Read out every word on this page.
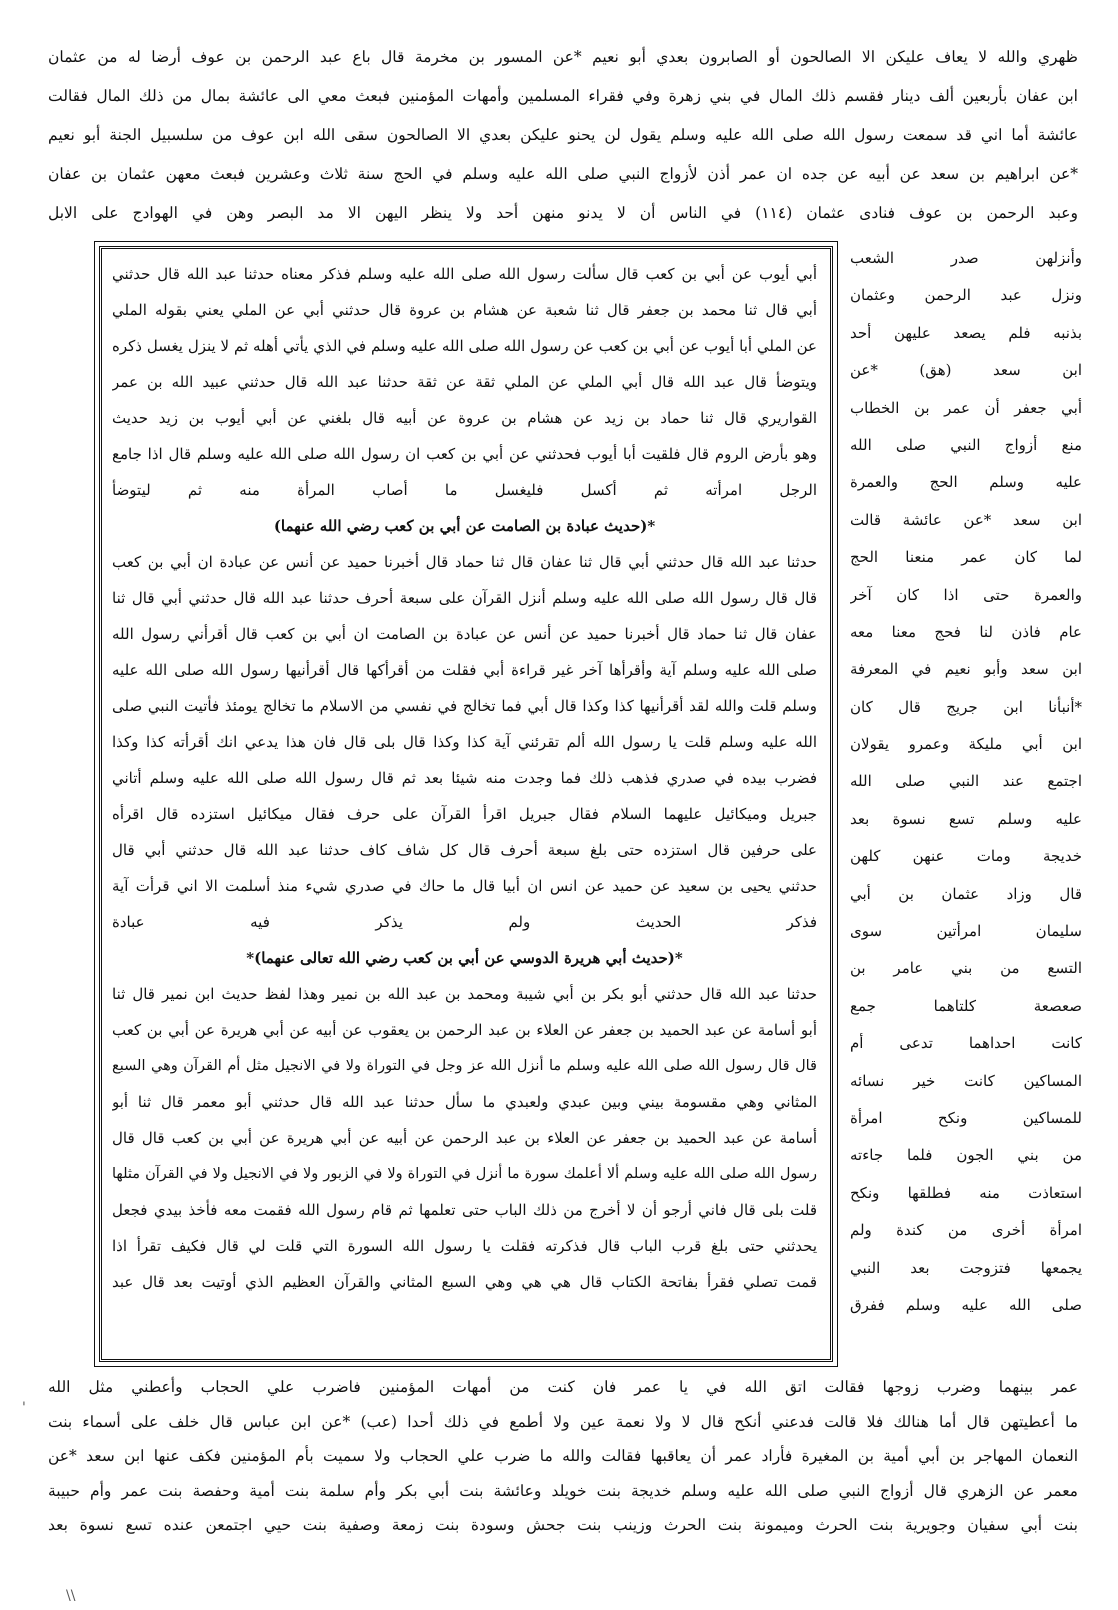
ظهري والله لا يعاف عليكن الا الصالحون أو الصابرون بعدي أبو نعيم *عن المسور بن مخرمة قال باع عبد الرحمن بن عوف أرضا له من عثمان
ابن عفان بأربعين ألف دينار فقسم ذلك المال في بني زهرة وفي فقراء المسلمين وأمهات المؤمنين فبعث معي الى عائشة بمال من ذلك المال فقالت
عائشة أما اني قد سمعت رسول الله صلى الله عليه وسلم يقول لن يحنو عليكن بعدي الا الصالحون سقى الله ابن عوف من سلسبيل الجنة أبو نعيم
*عن ابراهيم بن سعد عن أبيه عن جده ان عمر أذن لأزواج النبي صلى الله عليه وسلم في الحج سنة ثلاث وعشرين فبعث معهن عثمان بن عفان
وعبد الرحمن بن عوف فنادى عثمان (١١٤) في الناس أن لا يدنو منهن أحد ولا ينظر اليهن الا مد البصر وهن في الهوادج على الابل
وأنزلهن صدر الشعب
ونزل عبد الرحمن وعثمان
بذنبه فلم يصعد عليهن أحد
ابن سعد (هق) *عن
أبي جعفر أن عمر بن الخطاب
منع أزواج النبي صلى الله
عليه وسلم الحج والعمرة
ابن سعد *عن عائشة قالت
لما كان عمر منعنا الحج
والعمرة حتى اذا كان آخر
عام فاذن لنا فحج معنا معه
ابن سعد وأبو نعيم في المعرفة
*أنبأنا ابن جريج قال كان
ابن أبي مليكة وعمرو يقولان
اجتمع عند النبي صلى الله
عليه وسلم تسع نسوة بعد
خديجة ومات عنهن كلهن
قال وزاد عثمان بن أبي
سليمان امرأتين سوى
التسع من بني عامر بن
صعصعة كلتاهما جمع
كانت احداهما تدعى أم
المساكين كانت خير نسائه
للمساكين ونكح امرأة
من بني الجون فلما جاءته
استعاذت منه فطلقها ونكح
امرأة أخرى من كندة ولم
يجمعها فتزوجت بعد النبي
صلى الله عليه وسلم ففرق
أبي أيوب عن أبي بن كعب قال سألت رسول الله صلى الله عليه وسلم فذكر معناه حدثنا عبد الله قال حدثني
أبي قال ثنا محمد بن جعفر قال ثنا شعبة عن هشام بن عروة قال حدثني أبي عن الملي يعني بقوله الملي
عن الملي أبا أيوب عن أبي بن كعب عن رسول الله صلى الله عليه وسلم في الذي يأتي أهله ثم لا ينزل يغسل ذكره
ويتوضأ قال عبد الله قال أبي الملي عن الملي ثقة عن ثقة حدثنا عبد الله قال حدثني عبيد الله بن عمر
القواريري قال ثنا حماد بن زيد عن هشام بن عروة عن أبيه قال بلغني عن أبي أيوب بن زيد حديث
وهو بأرض الروم قال فلقيت أبا أيوب فحدثني عن أبي بن كعب ان رسول الله صلى الله عليه وسلم قال اذا جامع
الرجل امرأته ثم أكسل فليغسل ما أصاب المرأة منه ثم ليتوضأ
*(حديث عبادة بن الصامت عن أبي بن كعب رضي الله عنهما)
حدثنا عبد الله قال حدثني أبي قال ثنا عفان قال ثنا حماد قال أخبرنا حميد عن أنس عن عبادة ان أبي بن كعب
قال قال رسول الله صلى الله عليه وسلم أنزل القرآن على سبعة أحرف حدثنا عبد الله قال حدثني أبي قال ثنا
عفان قال ثنا حماد قال أخبرنا حميد عن أنس عن عبادة بن الصامت ان أبي بن كعب قال أقرأني رسول الله
صلى الله عليه وسلم آية وأقرأها آخر غير قراءة أبي فقلت من أقرأكها قال أقرأنيها رسول الله صلى الله عليه
وسلم قلت والله لقد أقرأنيها كذا وكذا قال أبي فما تخالج في نفسي من الاسلام ما تخالج يومئذ فأتيت النبي صلى
الله عليه وسلم قلت يا رسول الله ألم تقرئني آية كذا وكذا قال بلى قال فان هذا يدعي انك أقرأته كذا وكذا
فضرب بيده في صدري فذهب ذلك فما وجدت منه شيئا بعد ثم قال رسول الله صلى الله عليه وسلم أتاني
جبريل وميكائيل عليهما السلام فقال جبريل اقرأ القرآن على حرف فقال ميكائيل استزده قال اقرأه
على حرفين قال استزده حتى بلغ سبعة أحرف قال كل شاف كاف حدثنا عبد الله قال حدثني أبي قال
حدثني يحيى بن سعيد عن حميد عن انس ان أبيا قال ما حاك في صدري شيء منذ أسلمت الا اني قرأت آية
فذكر الحديث ولم يذكر فيه عبادة
*(حديث أبي هريرة الدوسي عن أبي بن كعب رضي الله تعالى عنهما)*
حدثنا عبد الله قال حدثني أبو بكر بن أبي شيبة ومحمد بن عبد الله بن نمير وهذا لفظ حديث ابن نمير قال ثنا
أبو أسامة عن عبد الحميد بن جعفر عن العلاء بن عبد الرحمن بن يعقوب عن أبيه عن أبي هريرة عن أبي بن كعب
قال قال رسول الله صلى الله عليه وسلم ما أنزل الله عز وجل في التوراة ولا في الانجيل مثل أم القرآن وهي السبع
المثاني وهي مقسومة بيني وبين عبدي ولعبدي ما سأل حدثنا عبد الله قال حدثني أبو معمر قال ثنا أبو
أسامة عن عبد الحميد بن جعفر عن العلاء بن عبد الرحمن عن أبيه عن أبي هريرة عن أبي بن كعب قال قال
رسول الله صلى الله عليه وسلم ألا أعلمك سورة ما أنزل في التوراة ولا في الزبور ولا في الانجيل ولا في القرآن مثلها
قلت بلى قال فاني أرجو أن لا أخرج من ذلك الباب حتى تعلمها ثم قام رسول الله فقمت معه فأخذ بيدي فجعل
يحدثني حتى بلغ قرب الباب قال فذكرته فقلت يا رسول الله السورة التي قلت لي قال فكيف تقرأ اذا
قمت تصلي فقرأ بفاتحة الكتاب قال هي هي وهي السبع المثاني والقرآن العظيم الذي أوتيت بعد قال عبد
عمر بينهما وضرب زوجها فقالت اتق الله في يا عمر فان كنت من أمهات المؤمنين فاضرب علي الحجاب وأعطني مثل الله
ما أعطيتهن قال أما هنالك فلا قالت فدعني أنكح قال لا ولا نعمة عين ولا أطمع في ذلك أحدا (عب) *عن ابن عباس قال خلف على أسماء بنت
النعمان المهاجر بن أبي أمية بن المغيرة فأراد عمر أن يعاقبها فقالت والله ما ضرب علي الحجاب ولا سميت بأم المؤمنين فكف عنها ابن سعد *عن
معمر عن الزهري قال أزواج النبي صلى الله عليه وسلم خديجة بنت خويلد وعائشة بنت أبي بكر وأم سلمة بنت أمية وحفصة بنت عمر وأم حبيبة
بنت أبي سفيان وجويرية بنت الحرث وميمونة بنت الحرث وزينب بنت جحش وسودة بنت زمعة وصفية بنت حيي اجتمعن عنده تسع نسوة بعد
\\
'
